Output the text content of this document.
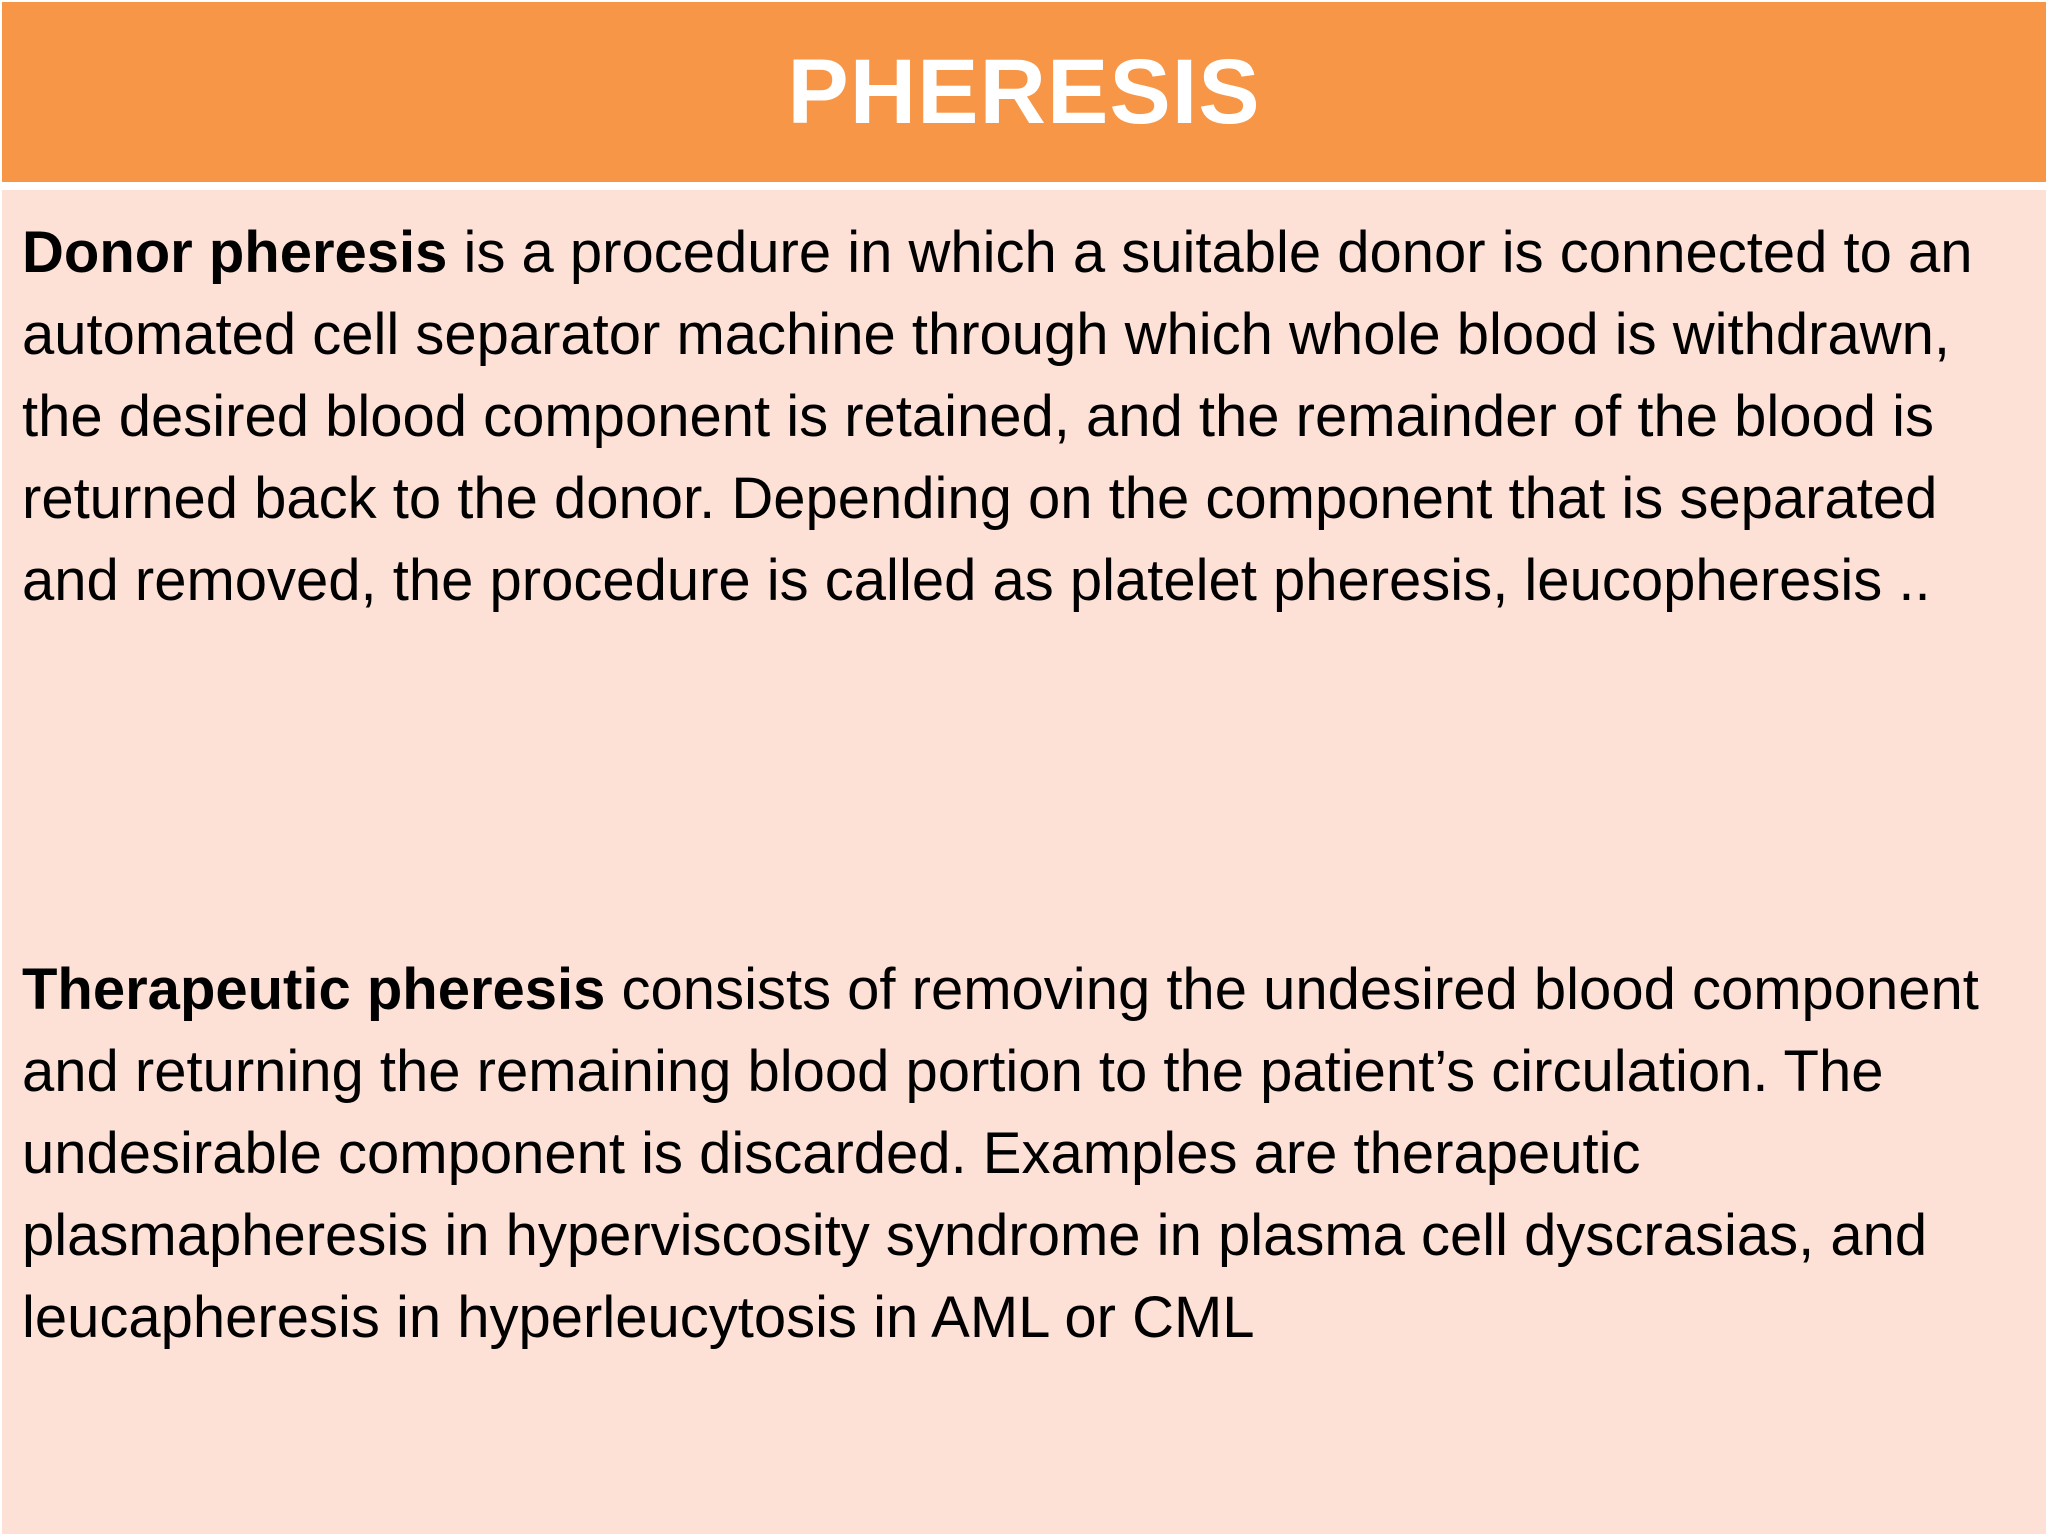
PHERESIS

Donor pheresis is a procedure in which a suitable donor is connected to an automated cell separator machine through which whole blood is withdrawn, the desired blood component is retained, and the remainder of the blood is returned back to the donor. Depending on the component that is separated and removed, the procedure is called as platelet pheresis, leucopheresis ..

Therapeutic pheresis consists of removing the undesired blood component and returning the remaining blood portion to the patient’s circulation. The undesirable component is discarded. Examples are therapeutic plasmapheresis in hyperviscosity syndrome in plasma cell dyscrasias, and leucapheresis in hyperleucytosis in AML or CML
